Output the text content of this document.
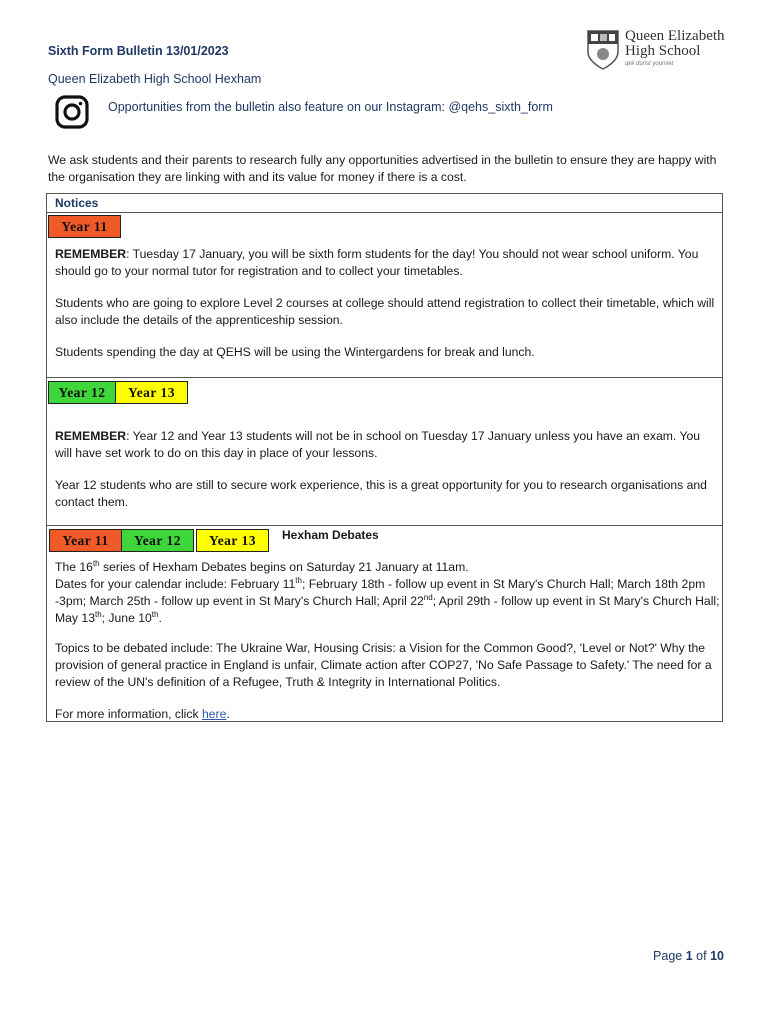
Sixth Form Bulletin 13/01/2023
Queen Elizabeth High School Hexham
Opportunities from the bulletin also feature on our Instagram: @qehs_sixth_form
Queen Elizabeth
High School
qeii dunst youmiet
We ask students and their parents to research fully any opportunities advertised in the bulletin to ensure they are happy with the organisation they are linking with and its value for money if there is a cost.
Notices
Year 11
REMEMBER: Tuesday 17 January, you will be sixth form students for the day! You should not wear school uniform. You should go to your normal tutor for registration and to collect your timetables.
Students who are going to explore Level 2 courses at college should attend registration to collect their timetable, which will also include the details of the apprenticeship session.
Students spending the day at QEHS will be using the Wintergardens for break and lunch.
Year 12	Year 13
REMEMBER: Year 12 and Year 13 students will not be in school on Tuesday 17 January unless you have an exam. You will have set work to do on this day in place of your lessons.
Year 12 students who are still to secure work experience, this is a great opportunity for you to research organisations and contact them.
Year 11	Year 12	Year 13	Hexham Debates
The 16th series of Hexham Debates begins on Saturday 21 January at 11am.
Dates for your calendar include: February 11th; February 18th - follow up event in St Mary's Church Hall; March 18th 2pm -3pm; March 25th - follow up event in St Mary's Church Hall; April 22nd; April 29th - follow up event in St Mary's Church Hall; May 13th; June 10th.
Topics to be debated include: The Ukraine War, Housing Crisis: a Vision for the Common Good?, 'Level or Not?' Why the provision of general practice in England is unfair, Climate action after COP27, 'No Safe Passage to Safety.' The need for a review of the UN's definition of a Refugee, Truth & Integrity in International Politics.
For more information, click here.
Page 1 of 10
